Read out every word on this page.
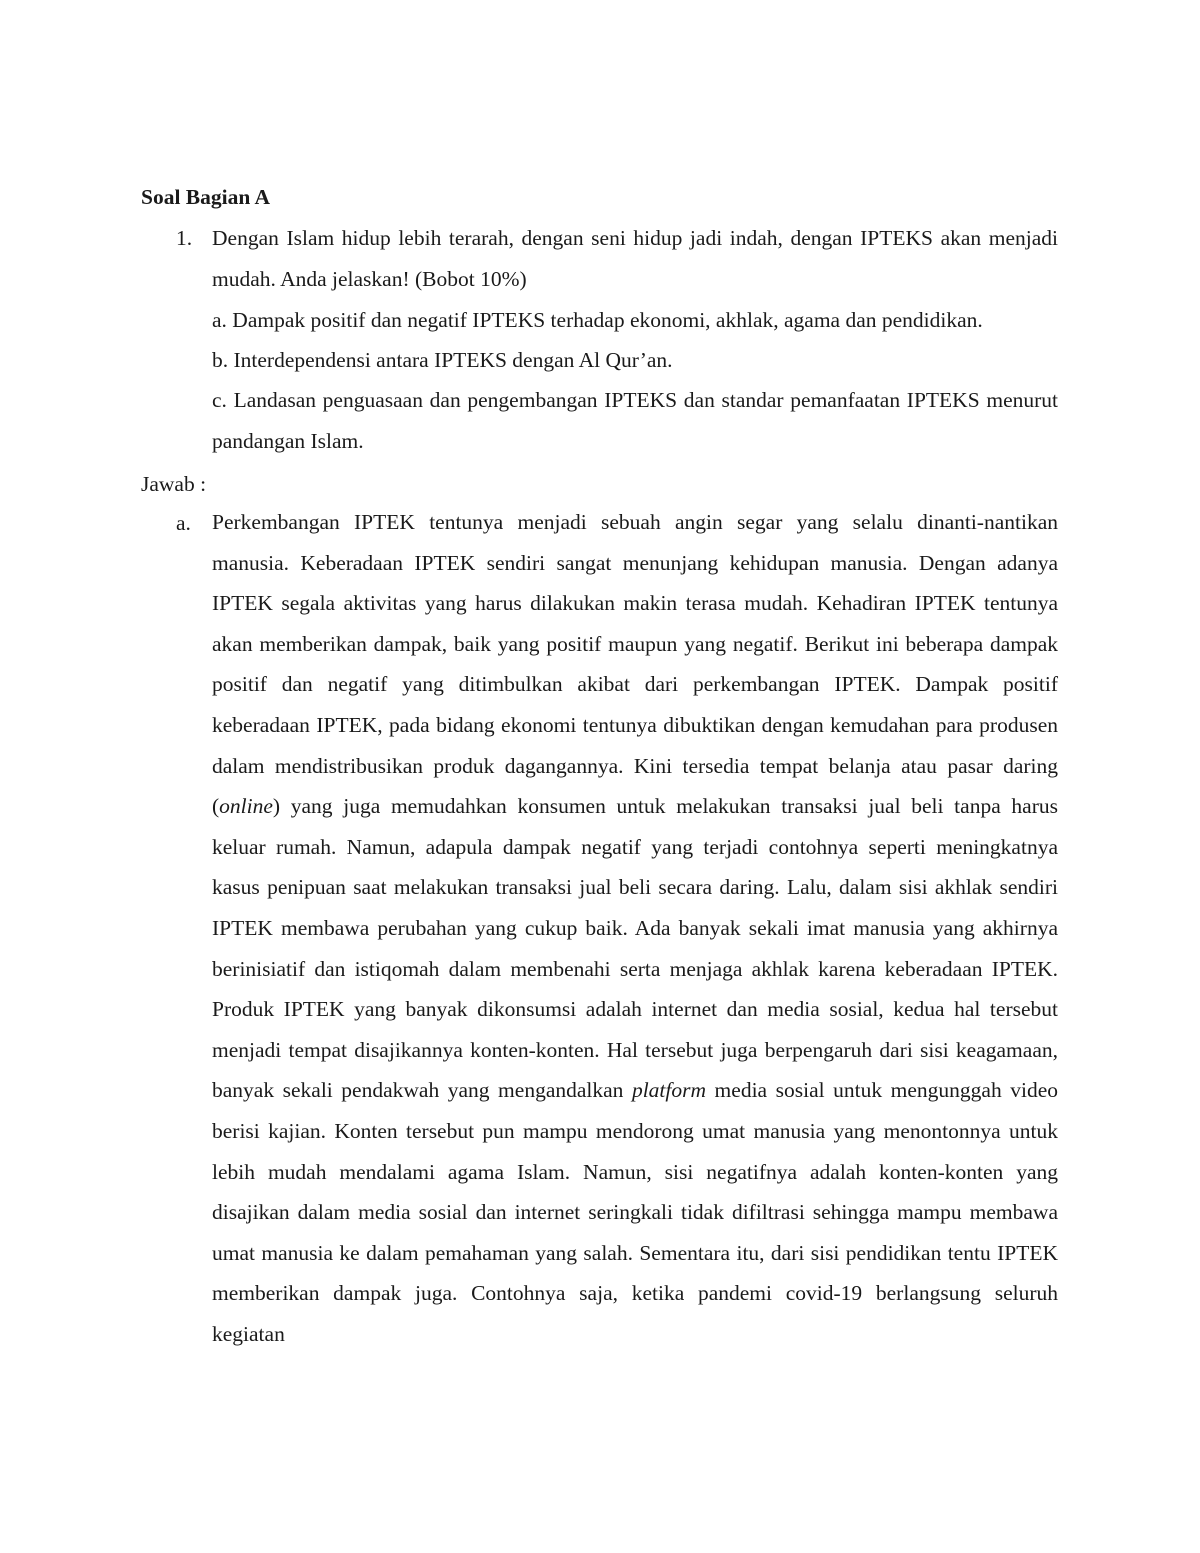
Soal Bagian A
1. Dengan Islam hidup lebih terarah, dengan seni hidup jadi indah, dengan IPTEKS akan menjadi mudah. Anda jelaskan! (Bobot 10%)
a. Dampak positif dan negatif IPTEKS terhadap ekonomi, akhlak, agama dan pendidikan.
b. Interdependensi antara IPTEKS dengan Al Qur’an.
c. Landasan penguasaan dan pengembangan IPTEKS dan standar pemanfaatan IPTEKS menurut pandangan Islam.
Jawab :
a. Perkembangan IPTEK tentunya menjadi sebuah angin segar yang selalu dinanti-nantikan manusia. Keberadaan IPTEK sendiri sangat menunjang kehidupan manusia. Dengan adanya IPTEK segala aktivitas yang harus dilakukan makin terasa mudah. Kehadiran IPTEK tentunya akan memberikan dampak, baik yang positif maupun yang negatif. Berikut ini beberapa dampak positif dan negatif yang ditimbulkan akibat dari perkembangan IPTEK. Dampak positif keberadaan IPTEK, pada bidang ekonomi tentunya dibuktikan dengan kemudahan para produsen dalam mendistribusikan produk dagangannya. Kini tersedia tempat belanja atau pasar daring (online) yang juga memudahkan konsumen untuk melakukan transaksi jual beli tanpa harus keluar rumah. Namun, adapula dampak negatif yang terjadi contohnya seperti meningkatnya kasus penipuan saat melakukan transaksi jual beli secara daring. Lalu, dalam sisi akhlak sendiri IPTEK membawa perubahan yang cukup baik. Ada banyak sekali imat manusia yang akhirnya berinisiatif dan istiqomah dalam membenahi serta menjaga akhlak karena keberadaan IPTEK. Produk IPTEK yang banyak dikonsumsi adalah internet dan media sosial, kedua hal tersebut menjadi tempat disajikannya konten-konten. Hal tersebut juga berpengaruh dari sisi keagamaan, banyak sekali pendakwah yang mengandalkan platform media sosial untuk mengunggah video berisi kajian. Konten tersebut pun mampu mendorong umat manusia yang menontonnya untuk lebih mudah mendalami agama Islam. Namun, sisi negatifnya adalah konten-konten yang disajikan dalam media sosial dan internet seringkali tidak difiltrasi sehingga mampu membawa umat manusia ke dalam pemahaman yang salah. Sementara itu, dari sisi pendidikan tentu IPTEK memberikan dampak juga. Contohnya saja, ketika pandemi covid-19 berlangsung seluruh kegiatan
